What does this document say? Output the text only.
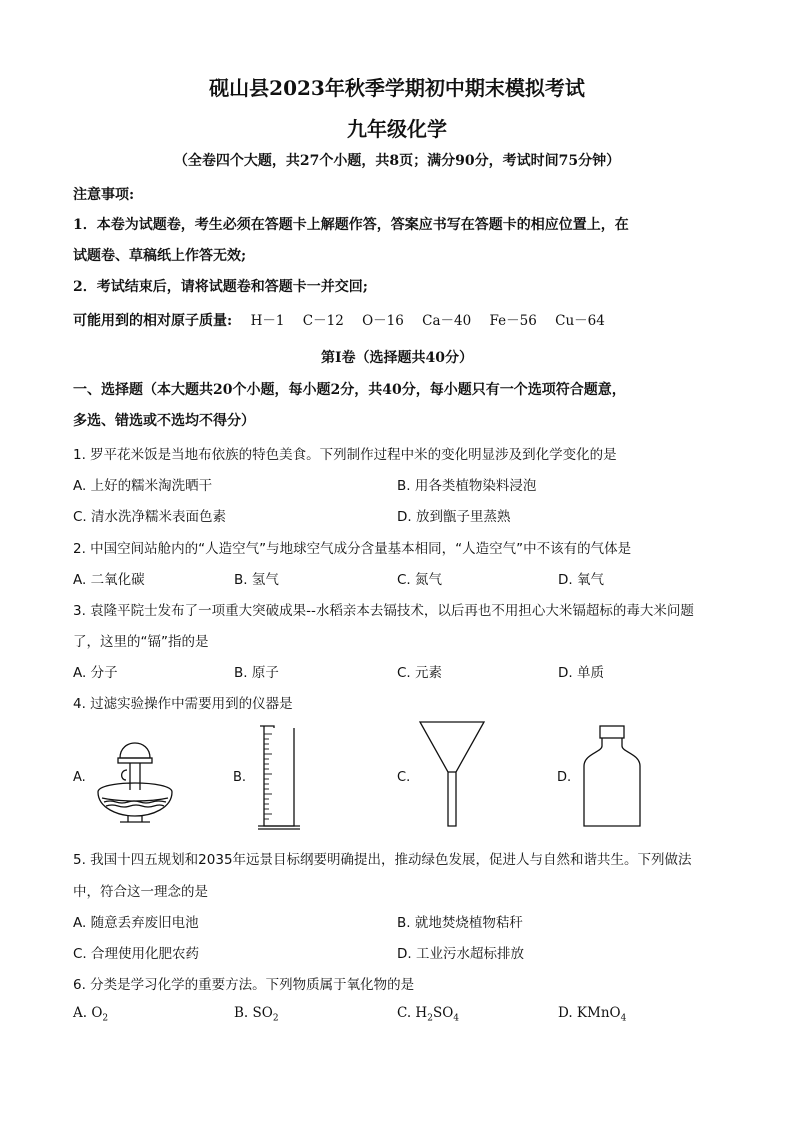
砚山县2023年秋季学期初中期末模拟考试
九年级化学
（全卷四个大题，共27个小题，共8页；满分90分，考试时间75分钟）
注意事项:
1．本卷为试题卷，考生必须在答题卡上解题作答，答案应书写在答题卡的相应位置上，在
试题卷、草稿纸上作答无效;
2．考试结束后，请将试题卷和答题卡一并交回;
可能用到的相对原子质量: H－1 C－12 O－16 Ca－40 Fe－56 Cu－64
第Ⅰ卷（选择题共40分）
一、选择题（本大题共20个小题，每小题2分，共40分，每小题只有一个选项符合题意，
多选、错选或不选均不得分）
1. 罗平花米饭是当地布依族的特色美食。下列制作过程中米的变化明显涉及到化学变化的是
A. 上好的糯米淘洗晒干	B. 用各类植物染料浸泡
C. 清水洗净糯米表面色素	D. 放到甑子里蒸熟
2. 中国空间站舱内的“人造空气”与地球空气成分含量基本相同，“人造空气”中不该有的气体是
A. 二氧化碳	B. 氢气	C. 氮气	D. 氧气
3. 袁隆平院士发布了一项重大突破成果--水稻亲本去镉技术，以后再也不用担心大米镉超标的毒大米问题
了，这里的“镉”指的是
A. 分子	B. 原子	C. 元素	D. 单质
4. 过滤实验操作中需要用到的仪器是
A.	B.	C.	D.
5. 我国十四五规划和2035年远景目标纲要明确提出，推动绿色发展，促进人与自然和谐共生。下列做法
中，符合这一理念的是
A. 随意丢弃废旧电池	B. 就地焚烧植物秸秆
C. 合理使用化肥农药	D. 工业污水超标排放
6. 分类是学习化学的重要方法。下列物质属于氧化物的是
A. $O_2$	B. $SO_2$	C. $H_2SO_4$	D. KMnO$_4$
